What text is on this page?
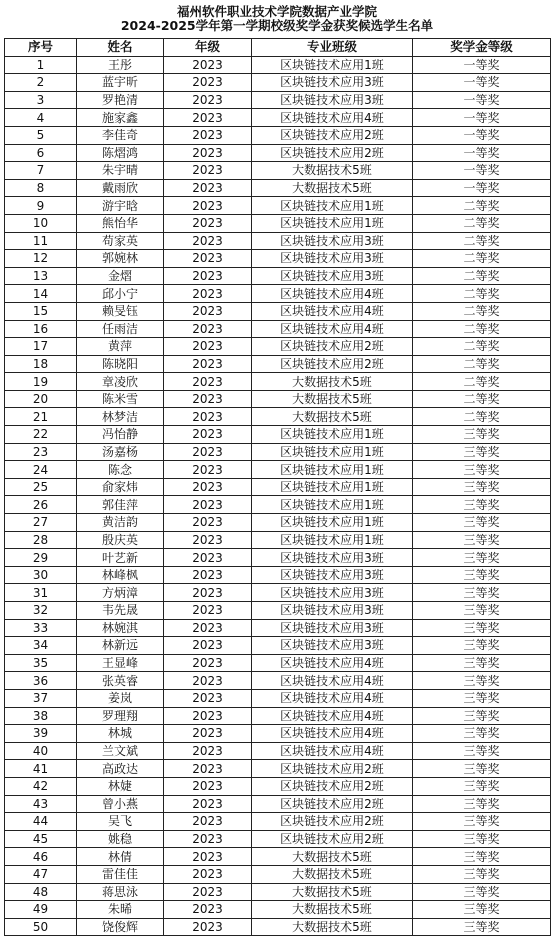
福州软件职业技术学院数据产业学院
2024-2025学年第一学期校级奖学金获奖候选学生名单
序号	姓名	年级	专业班级	奖学金等级
1	王彤	2023	区块链技术应用1班	一等奖
2	蓝宇昕	2023	区块链技术应用3班	一等奖
3	罗艳清	2023	区块链技术应用3班	一等奖
4	施家鑫	2023	区块链技术应用4班	一等奖
5	李佳奇	2023	区块链技术应用2班	一等奖
6	陈熠鸿	2023	区块链技术应用2班	一等奖
7	朱宇晴	2023	大数据技术5班	一等奖
8	戴雨欣	2023	大数据技术5班	一等奖
9	游宇晗	2023	区块链技术应用1班	二等奖
10	熊怡华	2023	区块链技术应用1班	二等奖
11	苟家英	2023	区块链技术应用3班	二等奖
12	郭婉林	2023	区块链技术应用3班	二等奖
13	金熠	2023	区块链技术应用3班	二等奖
14	邱小宁	2023	区块链技术应用4班	二等奖
15	赖旻钰	2023	区块链技术应用4班	二等奖
16	任雨洁	2023	区块链技术应用4班	二等奖
17	黄萍	2023	区块链技术应用2班	二等奖
18	陈晓阳	2023	区块链技术应用2班	二等奖
19	章凌欣	2023	大数据技术5班	二等奖
20	陈米雪	2023	大数据技术5班	二等奖
21	林梦洁	2023	大数据技术5班	二等奖
22	冯怡静	2023	区块链技术应用1班	三等奖
23	汤嘉杨	2023	区块链技术应用1班	三等奖
24	陈念	2023	区块链技术应用1班	三等奖
25	俞家炜	2023	区块链技术应用1班	三等奖
26	郭佳萍	2023	区块链技术应用1班	三等奖
27	黄洁韵	2023	区块链技术应用1班	三等奖
28	殷庆英	2023	区块链技术应用1班	三等奖
29	叶艺新	2023	区块链技术应用3班	三等奖
30	林峰枫	2023	区块链技术应用3班	三等奖
31	方炳漳	2023	区块链技术应用3班	三等奖
32	韦先晟	2023	区块链技术应用3班	三等奖
33	林婉淇	2023	区块链技术应用3班	三等奖
34	林新远	2023	区块链技术应用3班	三等奖
35	王显峰	2023	区块链技术应用4班	三等奖
36	张英睿	2023	区块链技术应用4班	三等奖
37	姜岚	2023	区块链技术应用4班	三等奖
38	罗理翔	2023	区块链技术应用4班	三等奖
39	林城	2023	区块链技术应用4班	三等奖
40	兰文斌	2023	区块链技术应用4班	三等奖
41	高政达	2023	区块链技术应用2班	三等奖
42	林婕	2023	区块链技术应用2班	三等奖
43	曾小燕	2023	区块链技术应用2班	三等奖
44	吴飞	2023	区块链技术应用2班	三等奖
45	姚稳	2023	区块链技术应用2班	三等奖
46	林倩	2023	大数据技术5班	三等奖
47	雷佳佳	2023	大数据技术5班	三等奖
48	蒋思泳	2023	大数据技术5班	三等奖
49	朱晞	2023	大数据技术5班	三等奖
50	饶俊辉	2023	大数据技术5班	三等奖
